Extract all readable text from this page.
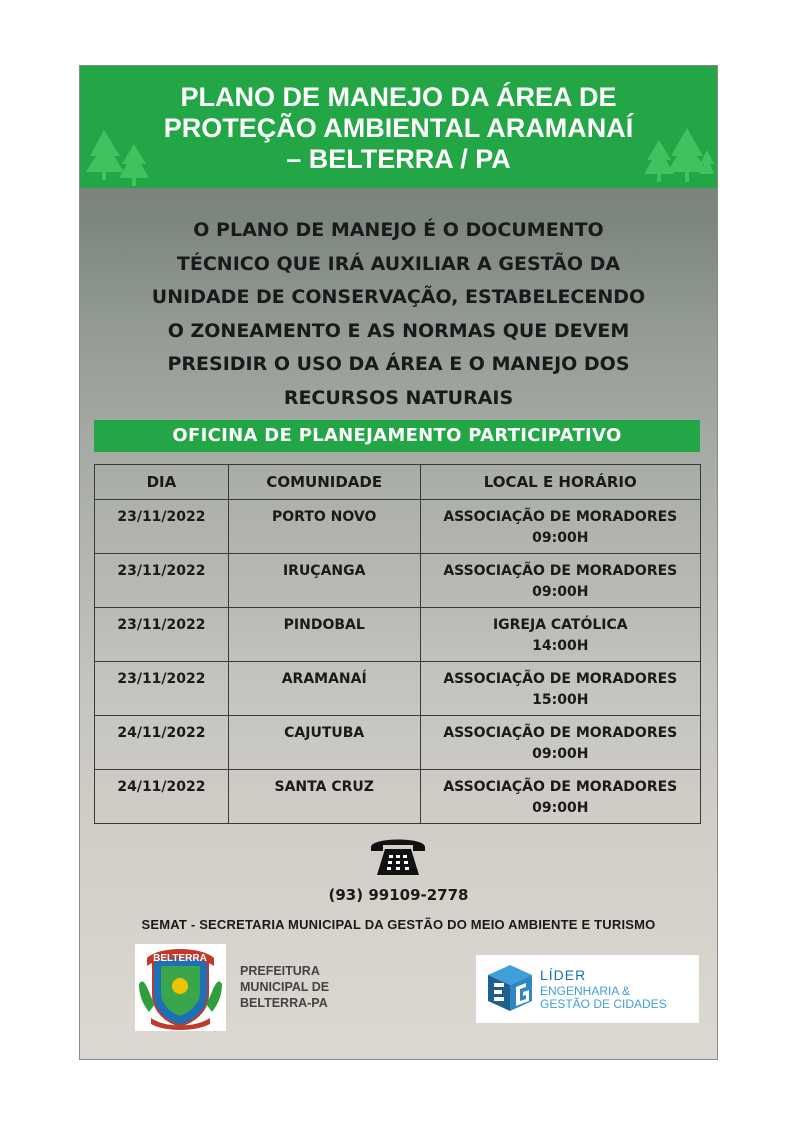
PLANO DE MANEJO DA ÁREA DE
PROTEÇÃO AMBIENTAL ARAMANAÍ
– BELTERRA / PA
O PLANO DE MANEJO É O DOCUMENTO
TÉCNICO QUE IRÁ AUXILIAR A GESTÃO DA
UNIDADE DE CONSERVAÇÃO, ESTABELECENDO
O ZONEAMENTO E AS NORMAS QUE DEVEM
PRESIDIR O USO DA ÁREA E O MANEJO DOS
RECURSOS NATURAIS
OFICINA DE PLANEJAMENTO PARTICIPATIVO
DIA	COMUNIDADE	LOCAL E HORÁRIO
23/11/2022	PORTO NOVO	ASSOCIAÇÃO DE MORADORES
09:00H
23/11/2022	IRUÇANGA	ASSOCIAÇÃO DE MORADORES
09:00H
23/11/2022	PINDOBAL	IGREJA CATÓLICA
14:00H
23/11/2022	ARAMANAÍ	ASSOCIAÇÃO DE MORADORES
15:00H
24/11/2022	CAJUTUBA	ASSOCIAÇÃO DE MORADORES
09:00H
24/11/2022	SANTA CRUZ	ASSOCIAÇÃO DE MORADORES
09:00H
(93) 99109-2778
SEMAT - SECRETARIA MUNICIPAL DA GESTÃO DO MEIO AMBIENTE E TURISMO
BELTERRA
PREFEITURA
MUNICIPAL DE
BELTERRA-PA
LÍDER
ENGENHARIA &
GESTÃO DE CIDADES
